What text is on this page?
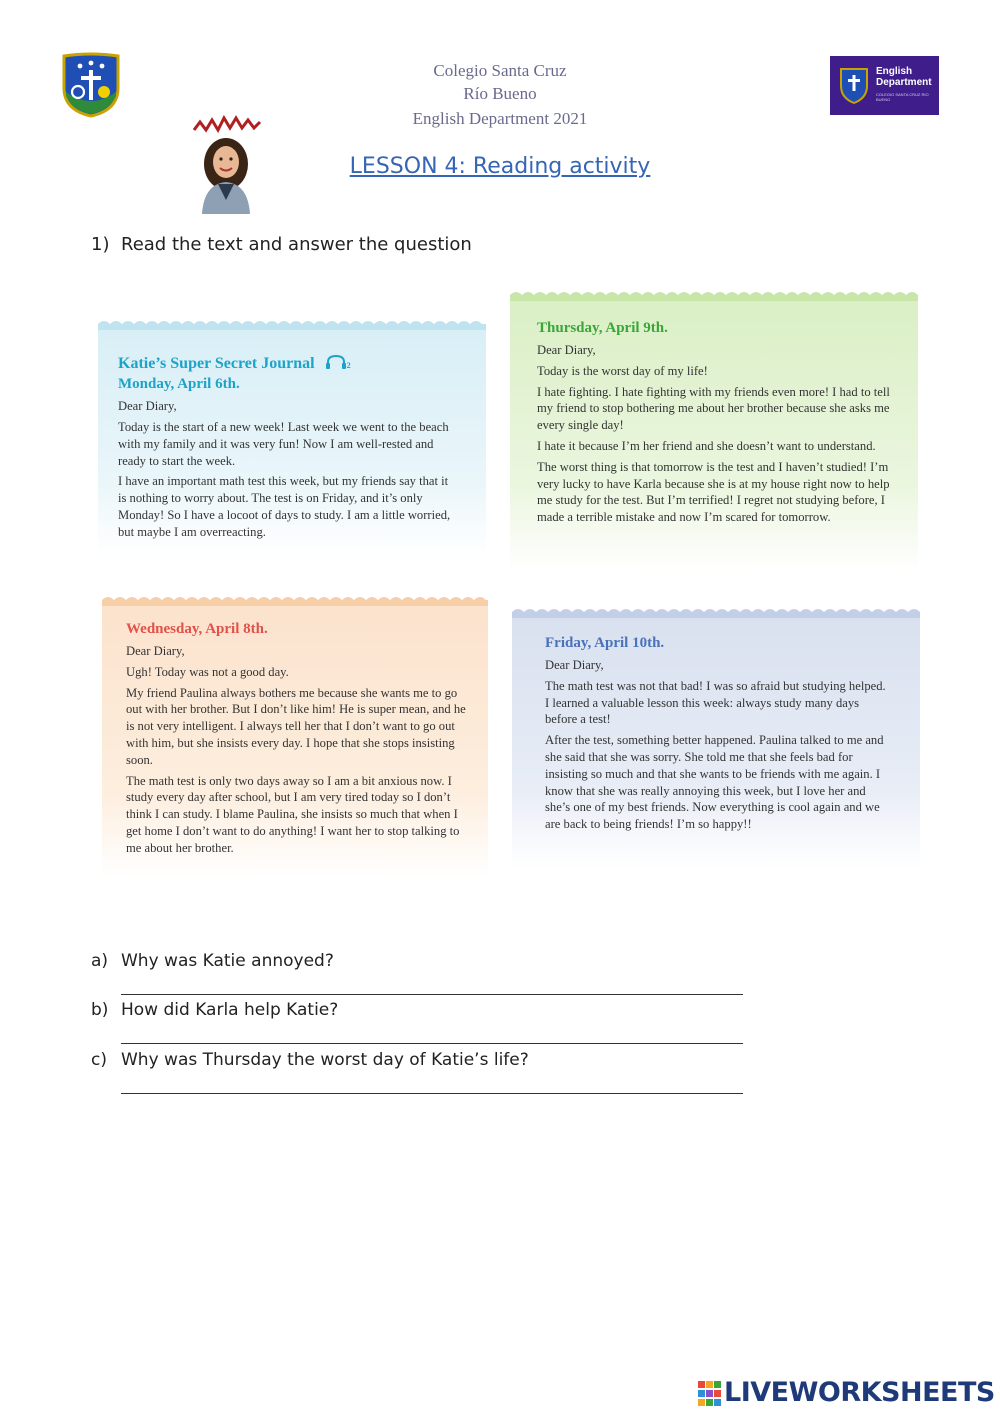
Colegio Santa Cruz
Río Bueno
English Department 2021
English
Department
COLEGIO SANTA CRUZ RIO BUENO
LESSON 4: Reading activity
1) Read the text and answer the question
Katie’s Super Secret Journal	2
Monday, April 6th.

Dear Diary,

Today is the start of a new week! Last week we went to the beach with my family and it was very fun! Now I am well-rested and ready to start the week.

I have an important math test this week, but my friends say that it is nothing to worry about. The test is on Friday, and it’s only Monday! So I have a locoot of days to study. I am a little worried, but maybe I am overreacting.

Thursday, April 9th.

Dear Diary,

Today is the worst day of my life!

I hate fighting. I hate fighting with my friends even more! I had to tell my friend to stop bothering me about her brother because she asks me every single day!

I hate it because I’m her friend and she doesn’t want to understand.

The worst thing is that tomorrow is the test and I haven’t studied! I’m very lucky to have Karla because she is at my house right now to help me study for the test. But I’m terrified! I regret not studying before, I made a terrible mistake and now I’m scared for tomorrow.

Wednesday, April 8th.

Dear Diary,

Ugh! Today was not a good day.

My friend Paulina always bothers me because she wants me to go out with her brother. But I don’t like him! He is super mean, and he is not very intelligent. I always tell her that I don’t want to go out with him, but she insists every day. I hope that she stops insisting soon.

The math test is only two days away so I am a bit anxious now. I study every day after school, but I am very tired today so I don’t think I can study. I blame Paulina, she insists so much that when I get home I don’t want to do anything! I want her to stop talking to me about her brother.

Friday, April 10th.

Dear Diary,

The math test was not that bad! I was so afraid but studying helped. I learned a valuable lesson this week: always study many days before a test!

After the test, something better happened. Paulina talked to me and she said that she was sorry. She told me that she feels bad for insisting so much and that she wants to be friends with me again. I know that she was really annoying this week, but I love her and she’s one of my best friends. Now everything is cool again and we are back to being friends! I’m so happy!!

a) Why was Katie annoyed?
b) How did Karla help Katie?
c) Why was Thursday the worst day of Katie’s life?
LIVEWORKSHEETS
